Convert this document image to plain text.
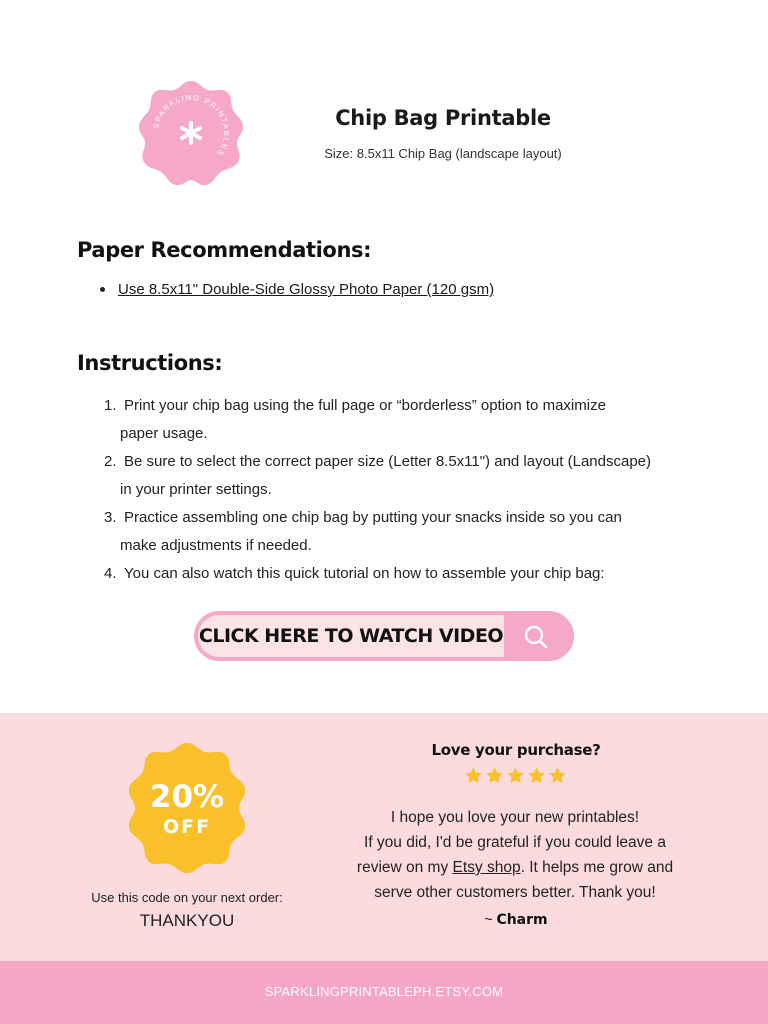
SPARKLING PRINTABLES
Chip Bag Printable
Size: 8.5x11 Chip Bag (landscape layout)
Paper Recommendations:
Use 8.5x11" Double-Side Glossy Photo Paper (120 gsm)
Instructions:
1. Print your chip bag using the full page or “borderless” option to maximize
paper usage.
2. Be sure to select the correct paper size (Letter 8.5x11") and layout (Landscape)
in your printer settings.
3. Practice assembling one chip bag by putting your snacks inside so you can
make adjustments if needed.
4. You can also watch this quick tutorial on how to assemble your chip bag:
CLICK HERE TO WATCH VIDEO
20%
OFF
Use this code on your next order:
THANKYOU
Love your purchase?
I hope you love your new printables!
If you did, I'd be grateful if you could leave a
review on my Etsy shop. It helps me grow and
serve other customers better. Thank you!
~ Charm
SPARKLINGPRINTABLEPH.ETSY.COM
